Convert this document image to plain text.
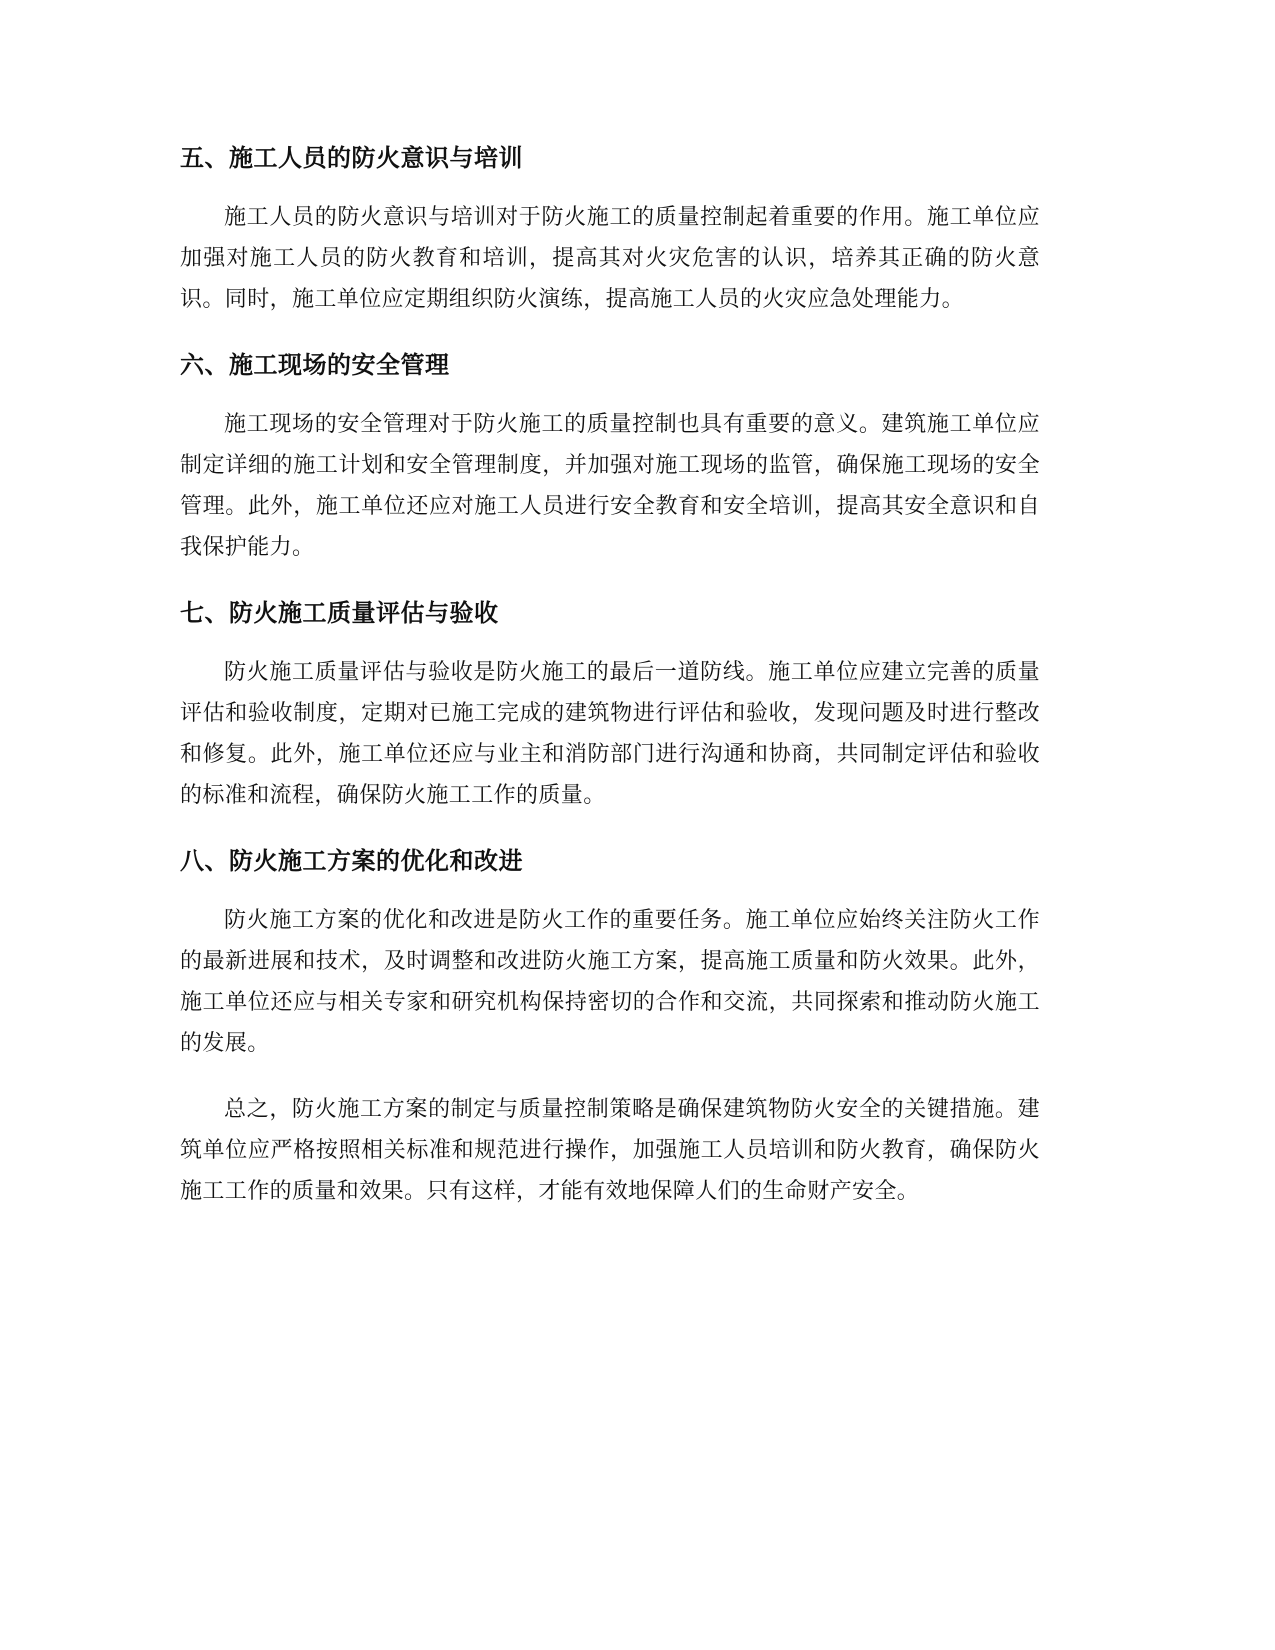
五、施工人员的防火意识与培训

施工人员的防火意识与培训对于防火施工的质量控制起着重要的作用。施工单位应加强对施工人员的防火教育和培训，提高其对火灾危害的认识，培养其正确的防火意识。同时，施工单位应定期组织防火演练，提高施工人员的火灾应急处理能力。

六、施工现场的安全管理

施工现场的安全管理对于防火施工的质量控制也具有重要的意义。建筑施工单位应制定详细的施工计划和安全管理制度，并加强对施工现场的监管，确保施工现场的安全管理。此外，施工单位还应对施工人员进行安全教育和安全培训，提高其安全意识和自我保护能力。

七、防火施工质量评估与验收

防火施工质量评估与验收是防火施工的最后一道防线。施工单位应建立完善的质量评估和验收制度，定期对已施工完成的建筑物进行评估和验收，发现问题及时进行整改和修复。此外，施工单位还应与业主和消防部门进行沟通和协商，共同制定评估和验收的标准和流程，确保防火施工工作的质量。

八、防火施工方案的优化和改进

防火施工方案的优化和改进是防火工作的重要任务。施工单位应始终关注防火工作的最新进展和技术，及时调整和改进防火施工方案，提高施工质量和防火效果。此外，施工单位还应与相关专家和研究机构保持密切的合作和交流，共同探索和推动防火施工的发展。

总之，防火施工方案的制定与质量控制策略是确保建筑物防火安全的关键措施。建筑单位应严格按照相关标准和规范进行操作，加强施工人员培训和防火教育，确保防火施工工作的质量和效果。只有这样，才能有效地保障人们的生命财产安全。
